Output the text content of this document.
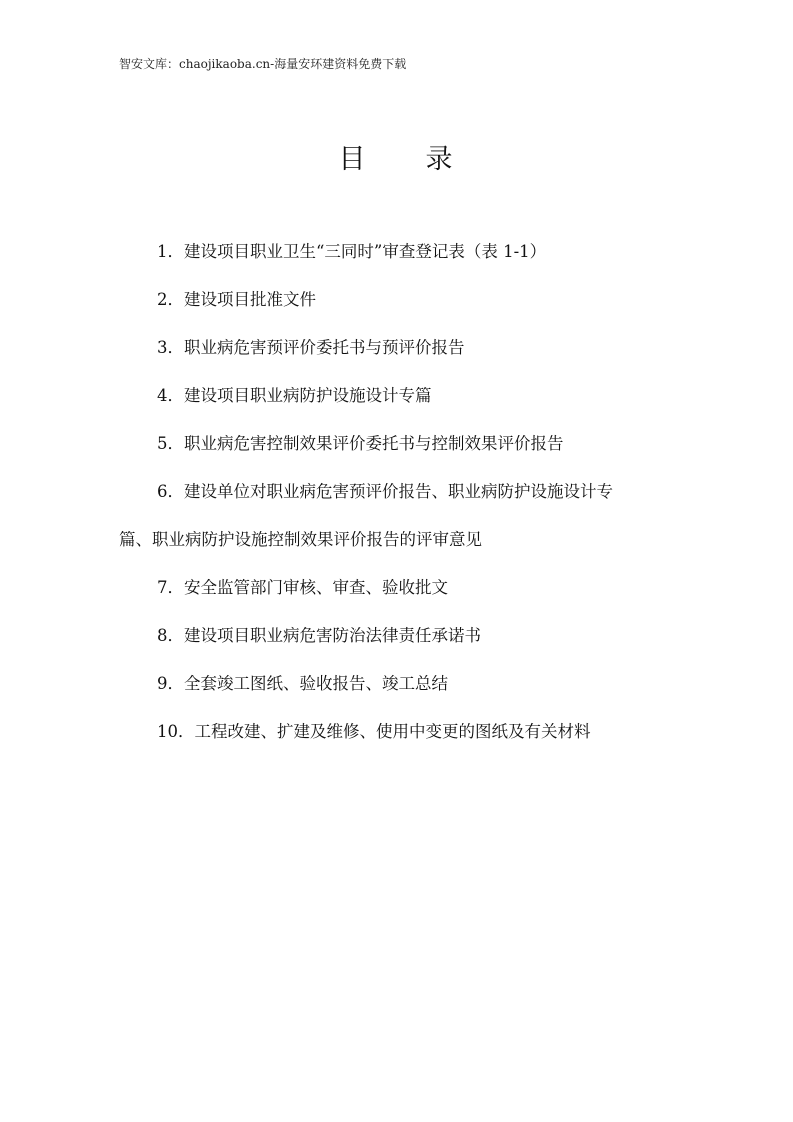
智安文库：chaojikaoba.cn-海量安环建资料免费下载
目　　录
1．建设项目职业卫生“三同时”审查登记表（表 1-1）
2．建设项目批准文件
3．职业病危害预评价委托书与预评价报告
4．建设项目职业病防护设施设计专篇
5．职业病危害控制效果评价委托书与控制效果评价报告
6．建设单位对职业病危害预评价报告、职业病防护设施设计专
篇、职业病防护设施控制效果评价报告的评审意见
7．安全监管部门审核、审查、验收批文
8．建设项目职业病危害防治法律责任承诺书
9．全套竣工图纸、验收报告、竣工总结
10．工程改建、扩建及维修、使用中变更的图纸及有关材料
